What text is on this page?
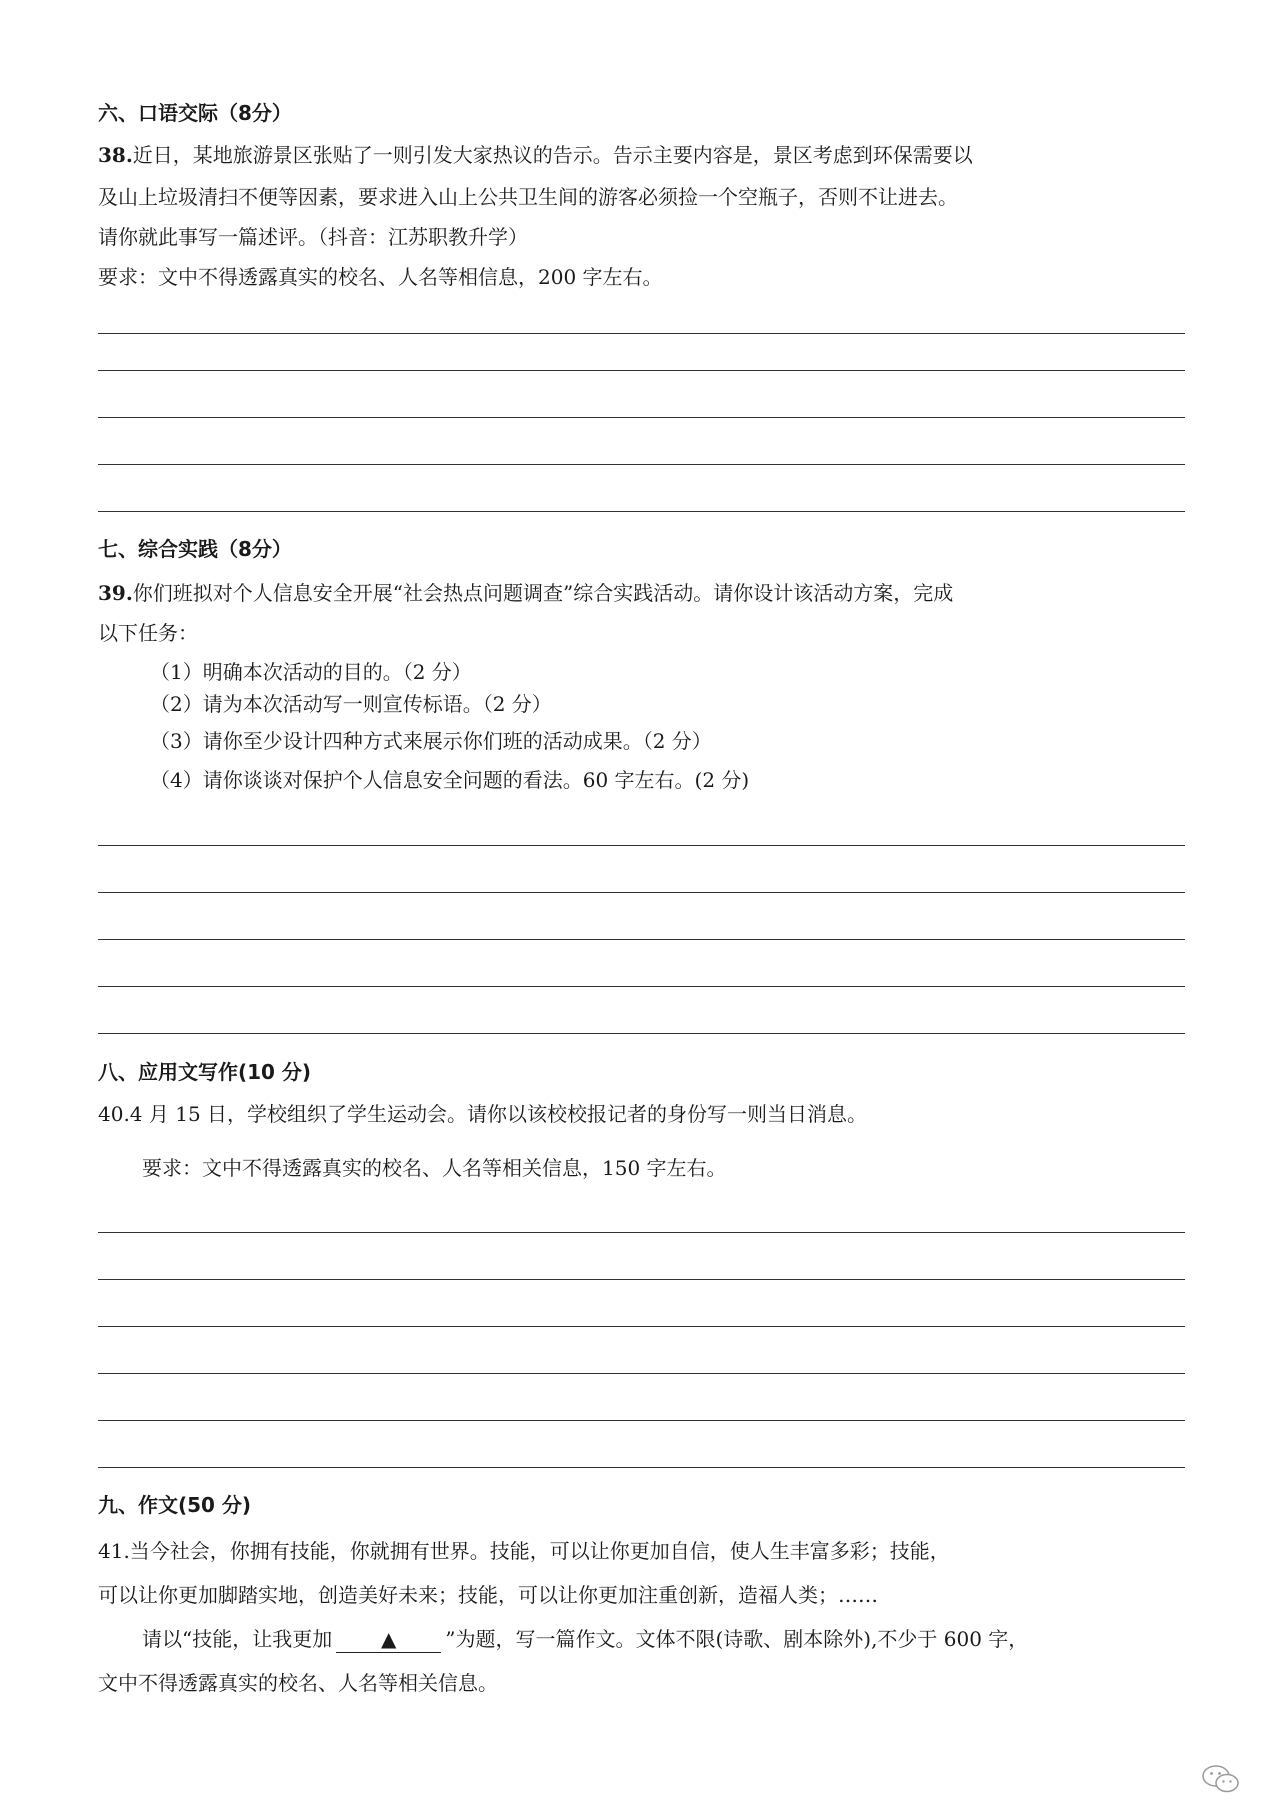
六、口语交际（8分）
38.近日，某地旅游景区张贴了一则引发大家热议的告示。告示主要内容是，景区考虑到环保需要以
及山上垃圾清扫不便等因素，要求进入山上公共卫生间的游客必须捡一个空瓶子，否则不让进去。
请你就此事写一篇述评。（抖音：江苏职教升学）
要求：文中不得透露真实的校名、人名等相信息，200 字左右。
七、综合实践（8分）
39.你们班拟对个人信息安全开展“社会热点问题调查”综合实践活动。请你设计该活动方案，完成
以下任务：
（1）明确本次活动的目的。（2 分）
（2）请为本次活动写一则宣传标语。（2 分）
（3）请你至少设计四种方式来展示你们班的活动成果。（2 分）
（4）请你谈谈对保护个人信息安全问题的看法。60 字左右。(2 分)
八、应用文写作(10 分)
40.4 月 15 日，学校组织了学生运动会。请你以该校校报记者的身份写一则当日消息。
要求：文中不得透露真实的校名、人名等相关信息，150 字左右。
九、作文(50 分)
41.当今社会，你拥有技能，你就拥有世界。技能，可以让你更加自信，使人生丰富多彩；技能，
可以让你更加脚踏实地，创造美好未来；技能，可以让你更加注重创新，造福人类；……
请以“技能，让我更加 ▲ ”为题，写一篇作文。文体不限(诗歌、剧本除外),不少于 600 字，
文中不得透露真实的校名、人名等相关信息。
